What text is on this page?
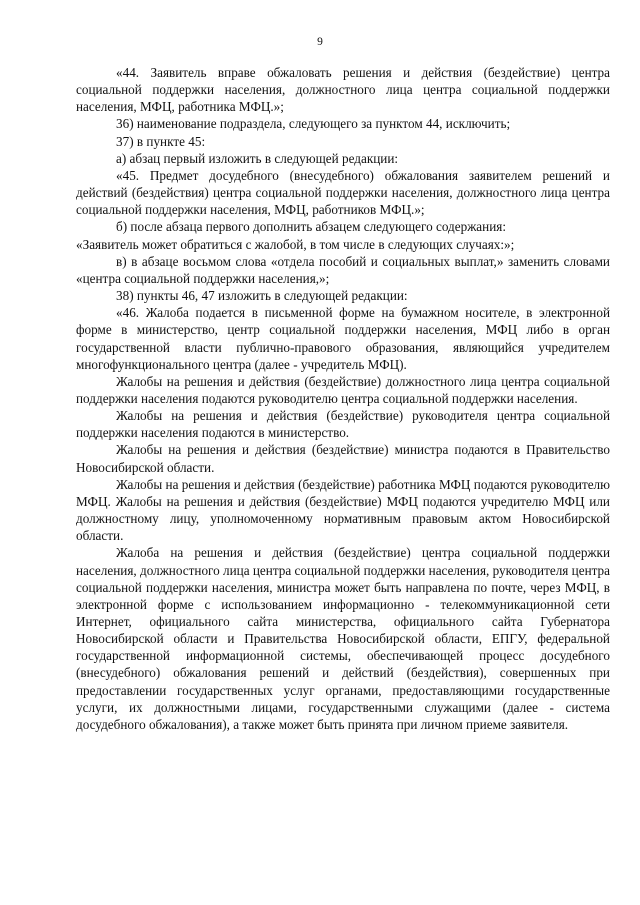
9

«44. Заявитель вправе обжаловать решения и действия (бездействие) центра социальной поддержки населения, должностного лица центра социальной поддержки населения, МФЦ, работника МФЦ.»;

36) наименование подраздела, следующего за пунктом 44, исключить;

37) в пункте 45:

а) абзац первый изложить в следующей редакции:

«45. Предмет досудебного (внесудебного) обжалования заявителем решений и действий (бездействия) центра социальной поддержки населения, должностного лица центра социальной поддержки населения, МФЦ, работников МФЦ.»;

б) после абзаца первого дополнить абзацем следующего содержания:

«Заявитель может обратиться с жалобой, в том числе в следующих случаях:»;

в) в абзаце восьмом слова «отдела пособий и социальных выплат,» заменить словами «центра социальной поддержки населения,»;

38) пункты 46, 47 изложить в следующей редакции:

«46. Жалоба подается в письменной форме на бумажном носителе, в электронной форме в министерство, центр социальной поддержки населения, МФЦ либо в орган государственной власти публично-правового образования, являющийся учредителем многофункционального центра (далее - учредитель МФЦ).

Жалобы на решения и действия (бездействие) должностного лица центра социальной поддержки населения подаются руководителю центра социальной поддержки населения.

Жалобы на решения и действия (бездействие) руководителя центра социальной поддержки населения подаются в министерство.

Жалобы на решения и действия (бездействие) министра подаются в Правительство Новосибирской области.

Жалобы на решения и действия (бездействие) работника МФЦ подаются руководителю МФЦ. Жалобы на решения и действия (бездействие) МФЦ подаются учредителю МФЦ или должностному лицу, уполномоченному нормативным правовым актом Новосибирской области.

Жалоба на решения и действия (бездействие) центра социальной поддержки населения, должностного лица центра социальной поддержки населения, руководителя центра социальной поддержки населения, министра может быть направлена по почте, через МФЦ, в электронной форме с использованием информационно - телекоммуникационной сети Интернет, официального сайта министерства, официального сайта Губернатора Новосибирской области и Правительства Новосибирской области, ЕПГУ, федеральной государственной информационной системы, обеспечивающей процесс досудебного (внесудебного) обжалования решений и действий (бездействия), совершенных при предоставлении государственных услуг органами, предоставляющими государственные услуги, их должностными лицами, государственными служащими (далее - система досудебного обжалования), а также может быть принята при личном приеме заявителя.
